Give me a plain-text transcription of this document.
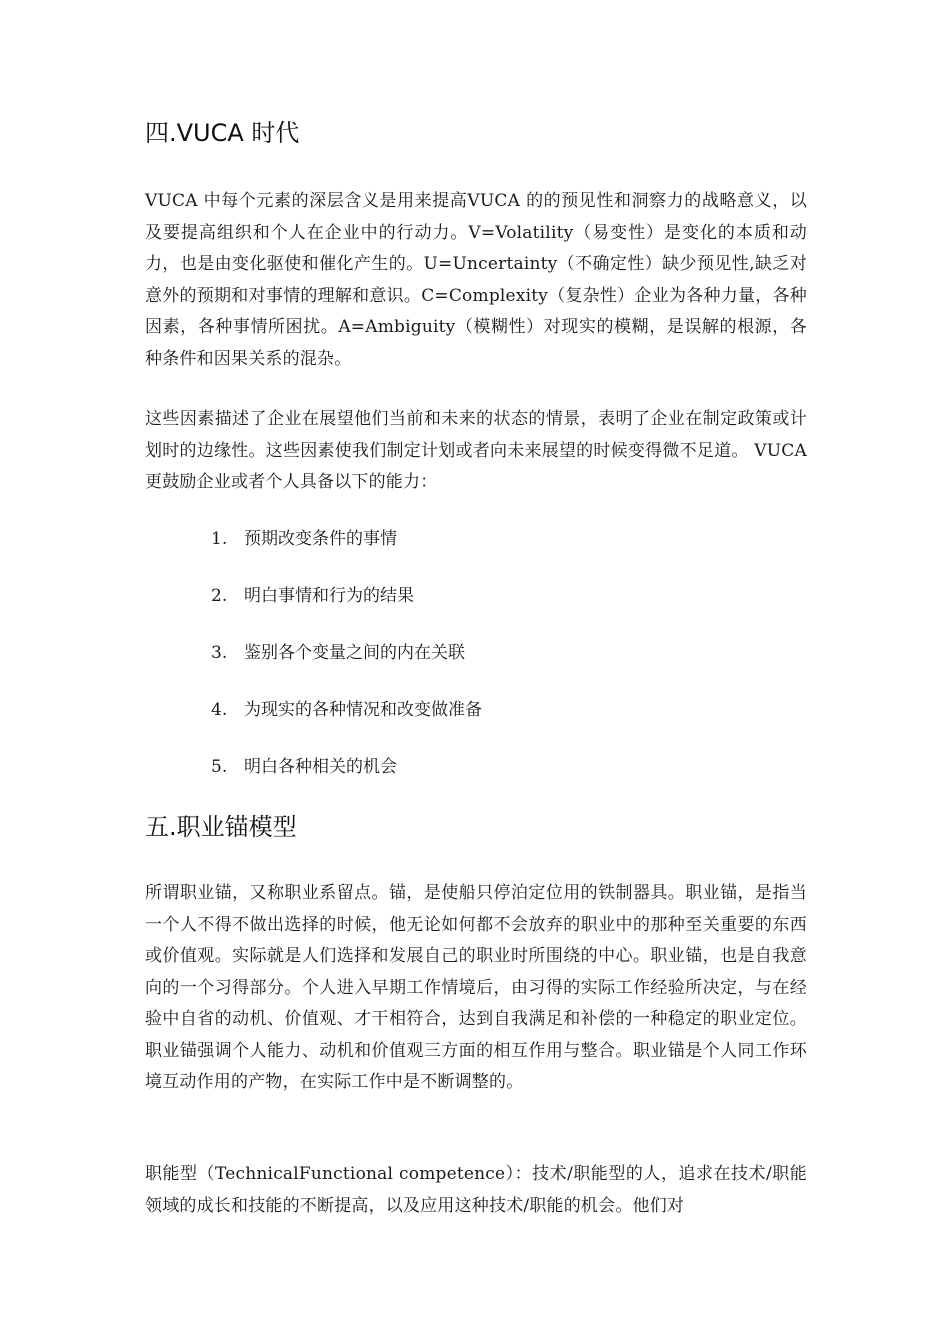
四.VUCA 时代

VUCA 中每个元素的深层含义是用来提高VUCA 的的预见性和洞察力的战略意义，以及要提高组织和个人在企业中的行动力。V=Volatility（易变性）是变化的本质和动力，也是由变化驱使和催化产生的。U=Uncertainty（不确定性）缺少预见性,缺乏对意外的预期和对事情的理解和意识。C=Complexity（复杂性）企业为各种力量，各种因素，各种事情所困扰。A=Ambiguity（模糊性）对现实的模糊，是误解的根源，各种条件和因果关系的混杂。

这些因素描述了企业在展望他们当前和未来的状态的情景，表明了企业在制定政策或计划时的边缘性。这些因素使我们制定计划或者向未来展望的时候变得微不足道。 VUCA 更鼓励企业或者个人具备以下的能力：

1. 预期改变条件的事情
2. 明白事情和行为的结果
3. 鉴别各个变量之间的内在关联
4. 为现实的各种情况和改变做准备
5. 明白各种相关的机会
五.职业锚模型

所谓职业锚，又称职业系留点。锚，是使船只停泊定位用的铁制器具。职业锚，是指当一个人不得不做出选择的时候，他无论如何都不会放弃的职业中的那种至关重要的东西或价值观。实际就是人们选择和发展自己的职业时所围绕的中心。职业锚，也是自我意向的一个习得部分。个人进入早期工作情境后，由习得的实际工作经验所决定，与在经验中自省的动机、价值观、才干相符合，达到自我满足和补偿的一种稳定的职业定位。职业锚强调个人能力、动机和价值观三方面的相互作用与整合。职业锚是个人同工作环境互动作用的产物，在实际工作中是不断调整的。

职能型（TechnicalFunctional competence）：技术/职能型的人，追求在技术/职能领域的成长和技能的不断提高，以及应用这种技术/职能的机会。他们对
